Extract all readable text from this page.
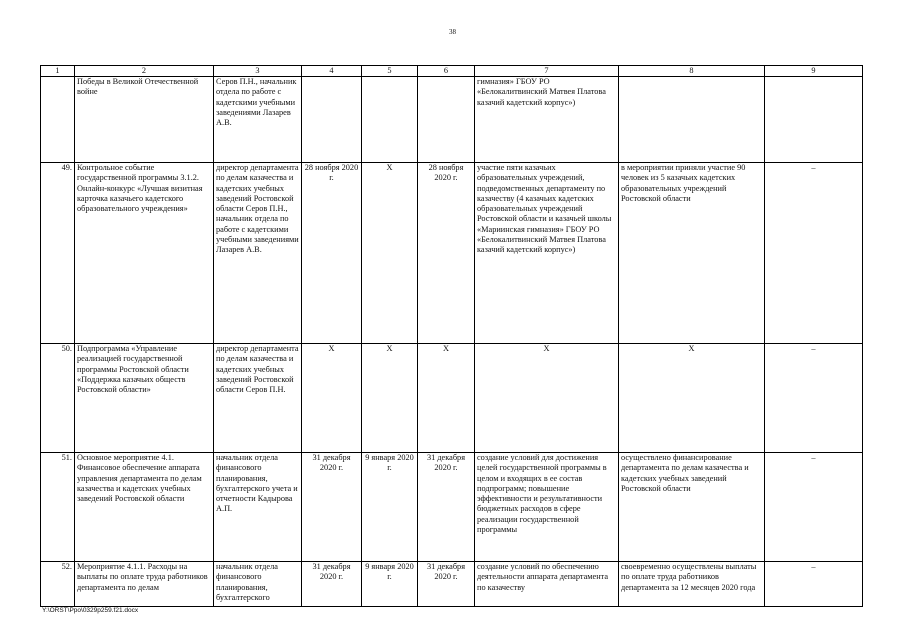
38
1	2	3	4	5	6	7	8	9
	Победы в Великой Отечественной войне	Серов П.Н., начальник отдела по работе с кадетскими учебными заведениями Лазарев А.В.				гимназия» ГБОУ РО «Белокалитвинский Матвея Платова казачий кадетский корпус»)		
49.	Контрольное событие государственной программы 3.1.2. Онлайн-конкурс «Лучшая визитная карточка казачьего кадетского образовательного учреждения»	директор департамента по делам казачества и кадетских учебных заведений Ростовской области Серов П.Н., начальник отдела по работе с кадетскими учебными заведениями Лазарев А.В.	28 ноября 2020 г.	X	28 ноября 2020 г.	участие пяти казачьих образовательных учреждений, подведомственных департаменту по казачеству (4 казачьих кадетских образовательных учреждений Ростовской области и казачьей школы «Мариинская гимназия» ГБОУ РО «Белокалитвинский Матвея Платова казачий кадетский корпус»)	в мероприятии приняли участие 90 человек из 5 казачьих кадетских образовательных учреждений Ростовской области	–
50.	Подпрограмма «Управление реализацией государственной программы Ростовской области «Поддержка казачьих обществ Ростовской области»	директор департамента по делам казачества и кадетских учебных заведений Ростовской области Серов П.Н.	X	X	X	X	X	–
51.	Основное мероприятие 4.1. Финансовое обеспечение аппарата управления департамента по делам казачества и кадетских учебных заведений Ростовской области	начальник отдела финансового планирования, бухгалтерского учета и отчетности Кадырова А.П.	31 декабря 2020 г.	9 января 2020 г.	31 декабря 2020 г.	создание условий для достижения целей государственной программы в целом и входящих в ее состав подпрограмм; повышение эффективности и результативности бюджетных расходов в сфере реализации государственной программы	осуществлено финансирование департамента по делам казачества и кадетских учебных заведений Ростовской области	–
52.	Мероприятие 4.1.1. Расходы на выплаты по оплате труда работников департамента по делам	начальник отдела финансового планирования, бухгалтерского	31 декабря 2020 г.	9 января 2020 г.	31 декабря 2020 г.	создание условий по обеспечению деятельности аппарата департамента по казачеству	своевременно осуществлены выплаты по оплате труда работников департамента за 12 месяцев 2020 года	–
Y:\ORST\Ppo\0329p259.f21.docx
